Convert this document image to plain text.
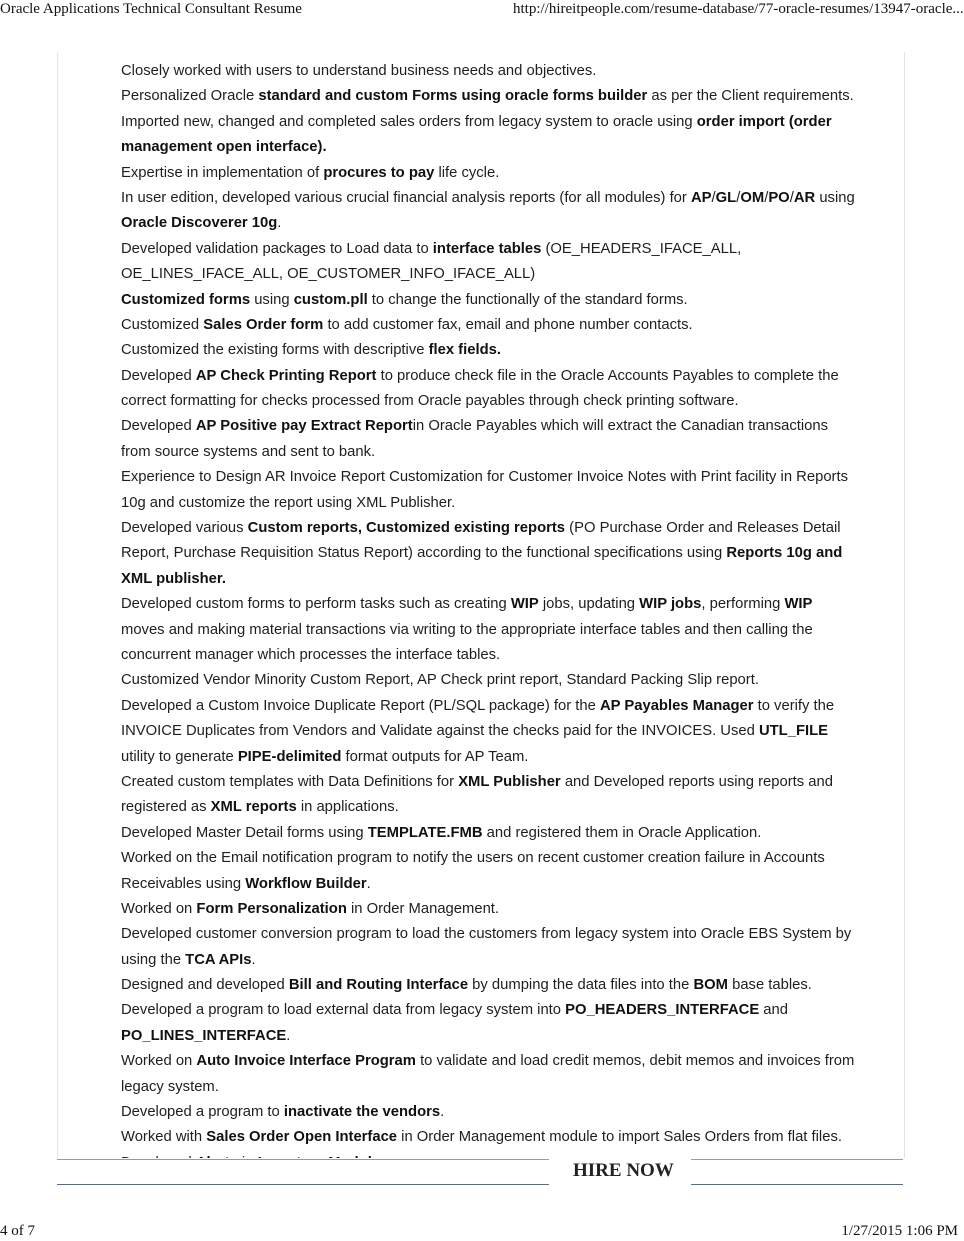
Oracle Applications Technical Consultant Resume	http://hireitpeople.com/resume-database/77-oracle-resumes/13947-oracle...
Closely worked with users to understand business needs and objectives.
Personalized Oracle standard and custom Forms using oracle forms builder as per the Client requirements.
Imported new, changed and completed sales orders from legacy system to oracle using order import (order
management open interface).
Expertise in implementation of procures to pay life cycle.
In user edition, developed various crucial financial analysis reports (for all modules) for AP/GL/OM/PO/AR using
Oracle Discoverer 10g.
Developed validation packages to Load data to interface tables (OE_HEADERS_IFACE_ALL,
OE_LINES_IFACE_ALL, OE_CUSTOMER_INFO_IFACE_ALL)
Customized forms using custom.pll to change the functionally of the standard forms.
Customized Sales Order form to add customer fax, email and phone number contacts.
Customized the existing forms with descriptive flex fields.
Developed AP Check Printing Report to produce check file in the Oracle Accounts Payables to complete the
correct formatting for checks processed from Oracle payables through check printing software.
Developed AP Positive pay Extract Reportin Oracle Payables which will extract the Canadian transactions
from source systems and sent to bank.
Experience to Design AR Invoice Report Customization for Customer Invoice Notes with Print facility in Reports
10g and customize the report using XML Publisher.
Developed various Custom reports, Customized existing reports (PO Purchase Order and Releases Detail
Report, Purchase Requisition Status Report) according to the functional specifications using Reports 10g and
XML publisher.
Developed custom forms to perform tasks such as creating WIP jobs, updating WIP jobs, performing WIP
moves and making material transactions via writing to the appropriate interface tables and then calling the
concurrent manager which processes the interface tables.
Customized Vendor Minority Custom Report, AP Check print report, Standard Packing Slip report.
Developed a Custom Invoice Duplicate Report (PL/SQL package) for the AP Payables Manager to verify the
INVOICE Duplicates from Vendors and Validate against the checks paid for the INVOICES. Used UTL_FILE
utility to generate PIPE-delimited format outputs for AP Team.
Created custom templates with Data Definitions for XML Publisher and Developed reports using reports and
registered as XML reports in applications.
Developed Master Detail forms using TEMPLATE.FMB and registered them in Oracle Application.
Worked on the Email notification program to notify the users on recent customer creation failure in Accounts
Receivables using Workflow Builder.
Worked on Form Personalization in Order Management.
Developed customer conversion program to load the customers from legacy system into Oracle EBS System by
using the TCA APIs.
Designed and developed Bill and Routing Interface by dumping the data files into the BOM base tables.
Developed a program to load external data from legacy system into PO_HEADERS_INTERFACE and
PO_LINES_INTERFACE.
Worked on Auto Invoice Interface Program to validate and load credit memos, debit memos and invoices from
legacy system.
Developed a program to inactivate the vendors.
Worked with Sales Order Open Interface in Order Management module to import Sales Orders from flat files.
HIRE NOW
4 of 7	1/27/2015 1:06 PM
